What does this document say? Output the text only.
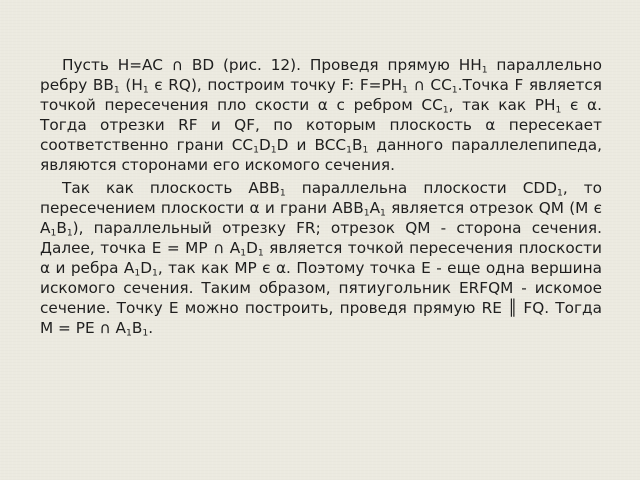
Пусть H=AC ∩ BD (рис. 12). Проведя прямую $HH_1$ параллельно ребру $BB_1$ ($H_1$ є RQ), построим точку F: $F=PH_1$ ∩ $CC_1.Точка$ F является точкой пересечения пло скости α с ребром $CC_1$, так как $PH_1$ є α. Тогда отрезки RF и QF, по которым плоскость α пересекает соответственно грани $CC_1D_1D$ и $BCC_1B_1$ данного параллелепипеда, являются сторонами его искомого сечения.

Так как плоскость $ABB_1$ параллельна плоскости $CDD_1$, то пересечением плоскости α и грани $ABB_1A_1$ является отрезок QM (M є $A_1B_1$), параллельный отрезку FR; отрезок QM - сторона сечения. Далее, точка E = MP ∩ $A_1D_1$ является точкой пересечения плоскости α и ребра $A_1D_1$, так как MP є α. Поэтому точка E - еще одна вершина искомого сечения. Таким образом, пятиугольник ERFQM - искомое сечение. Точку E можно построить, проведя прямую RE ║ FQ. Тогда M = PE ∩ $A_1B_1$.
